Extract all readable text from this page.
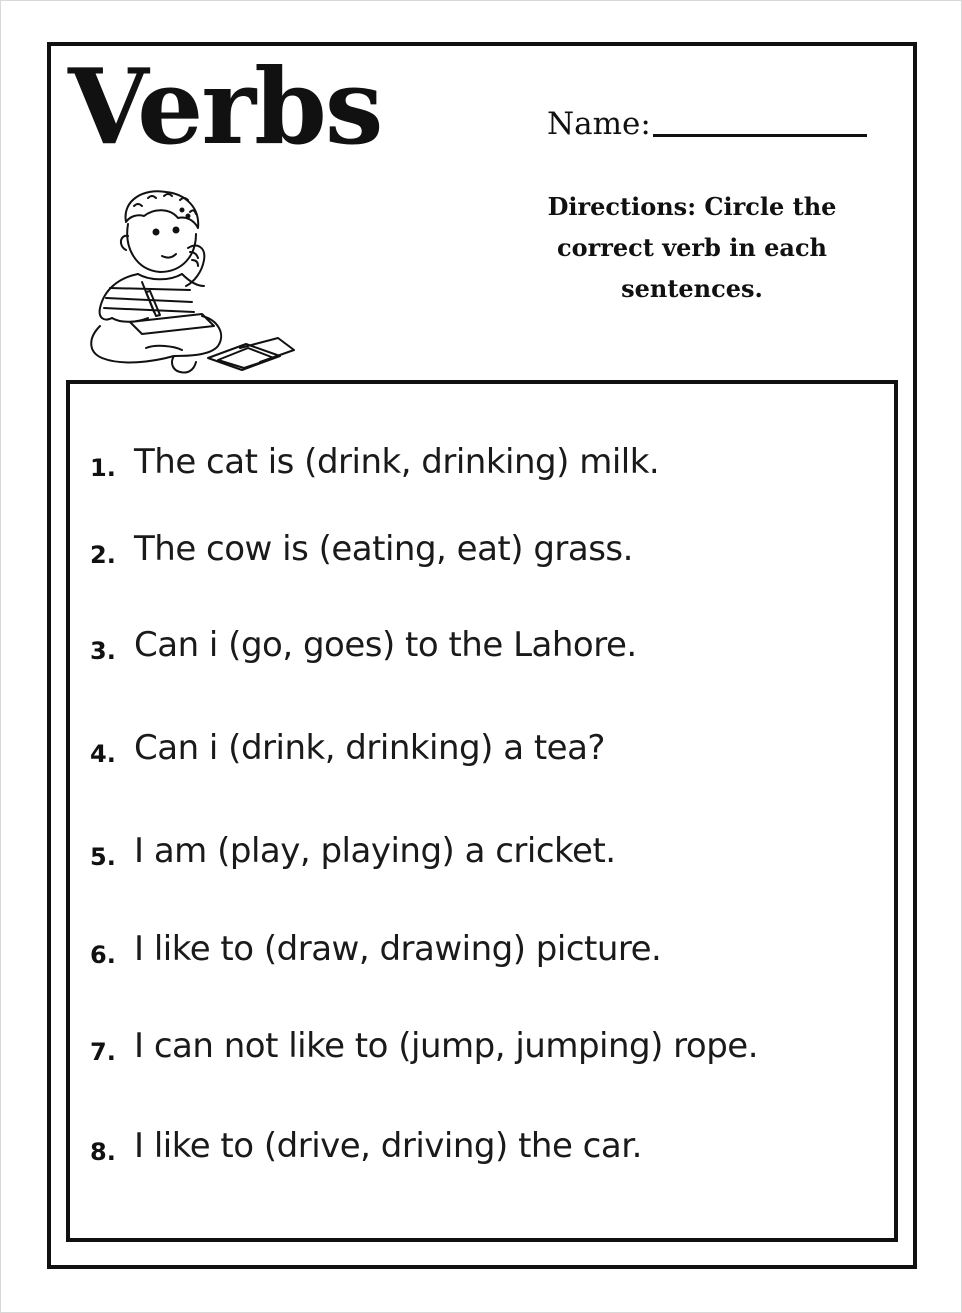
Verbs	Name:

Directions: Circle the correct verb in each sentences.

1. The cat is (drink, drinking) milk.
2. The cow is (eating, eat) grass.
3. Can i (go, goes) to the Lahore.
4. Can i (drink, drinking) a tea?
5. I am (play, playing) a cricket.
6. I like to (draw, drawing) picture.
7. I can not like to (jump, jumping) rope.
8. I like to (drive, driving) the car.
